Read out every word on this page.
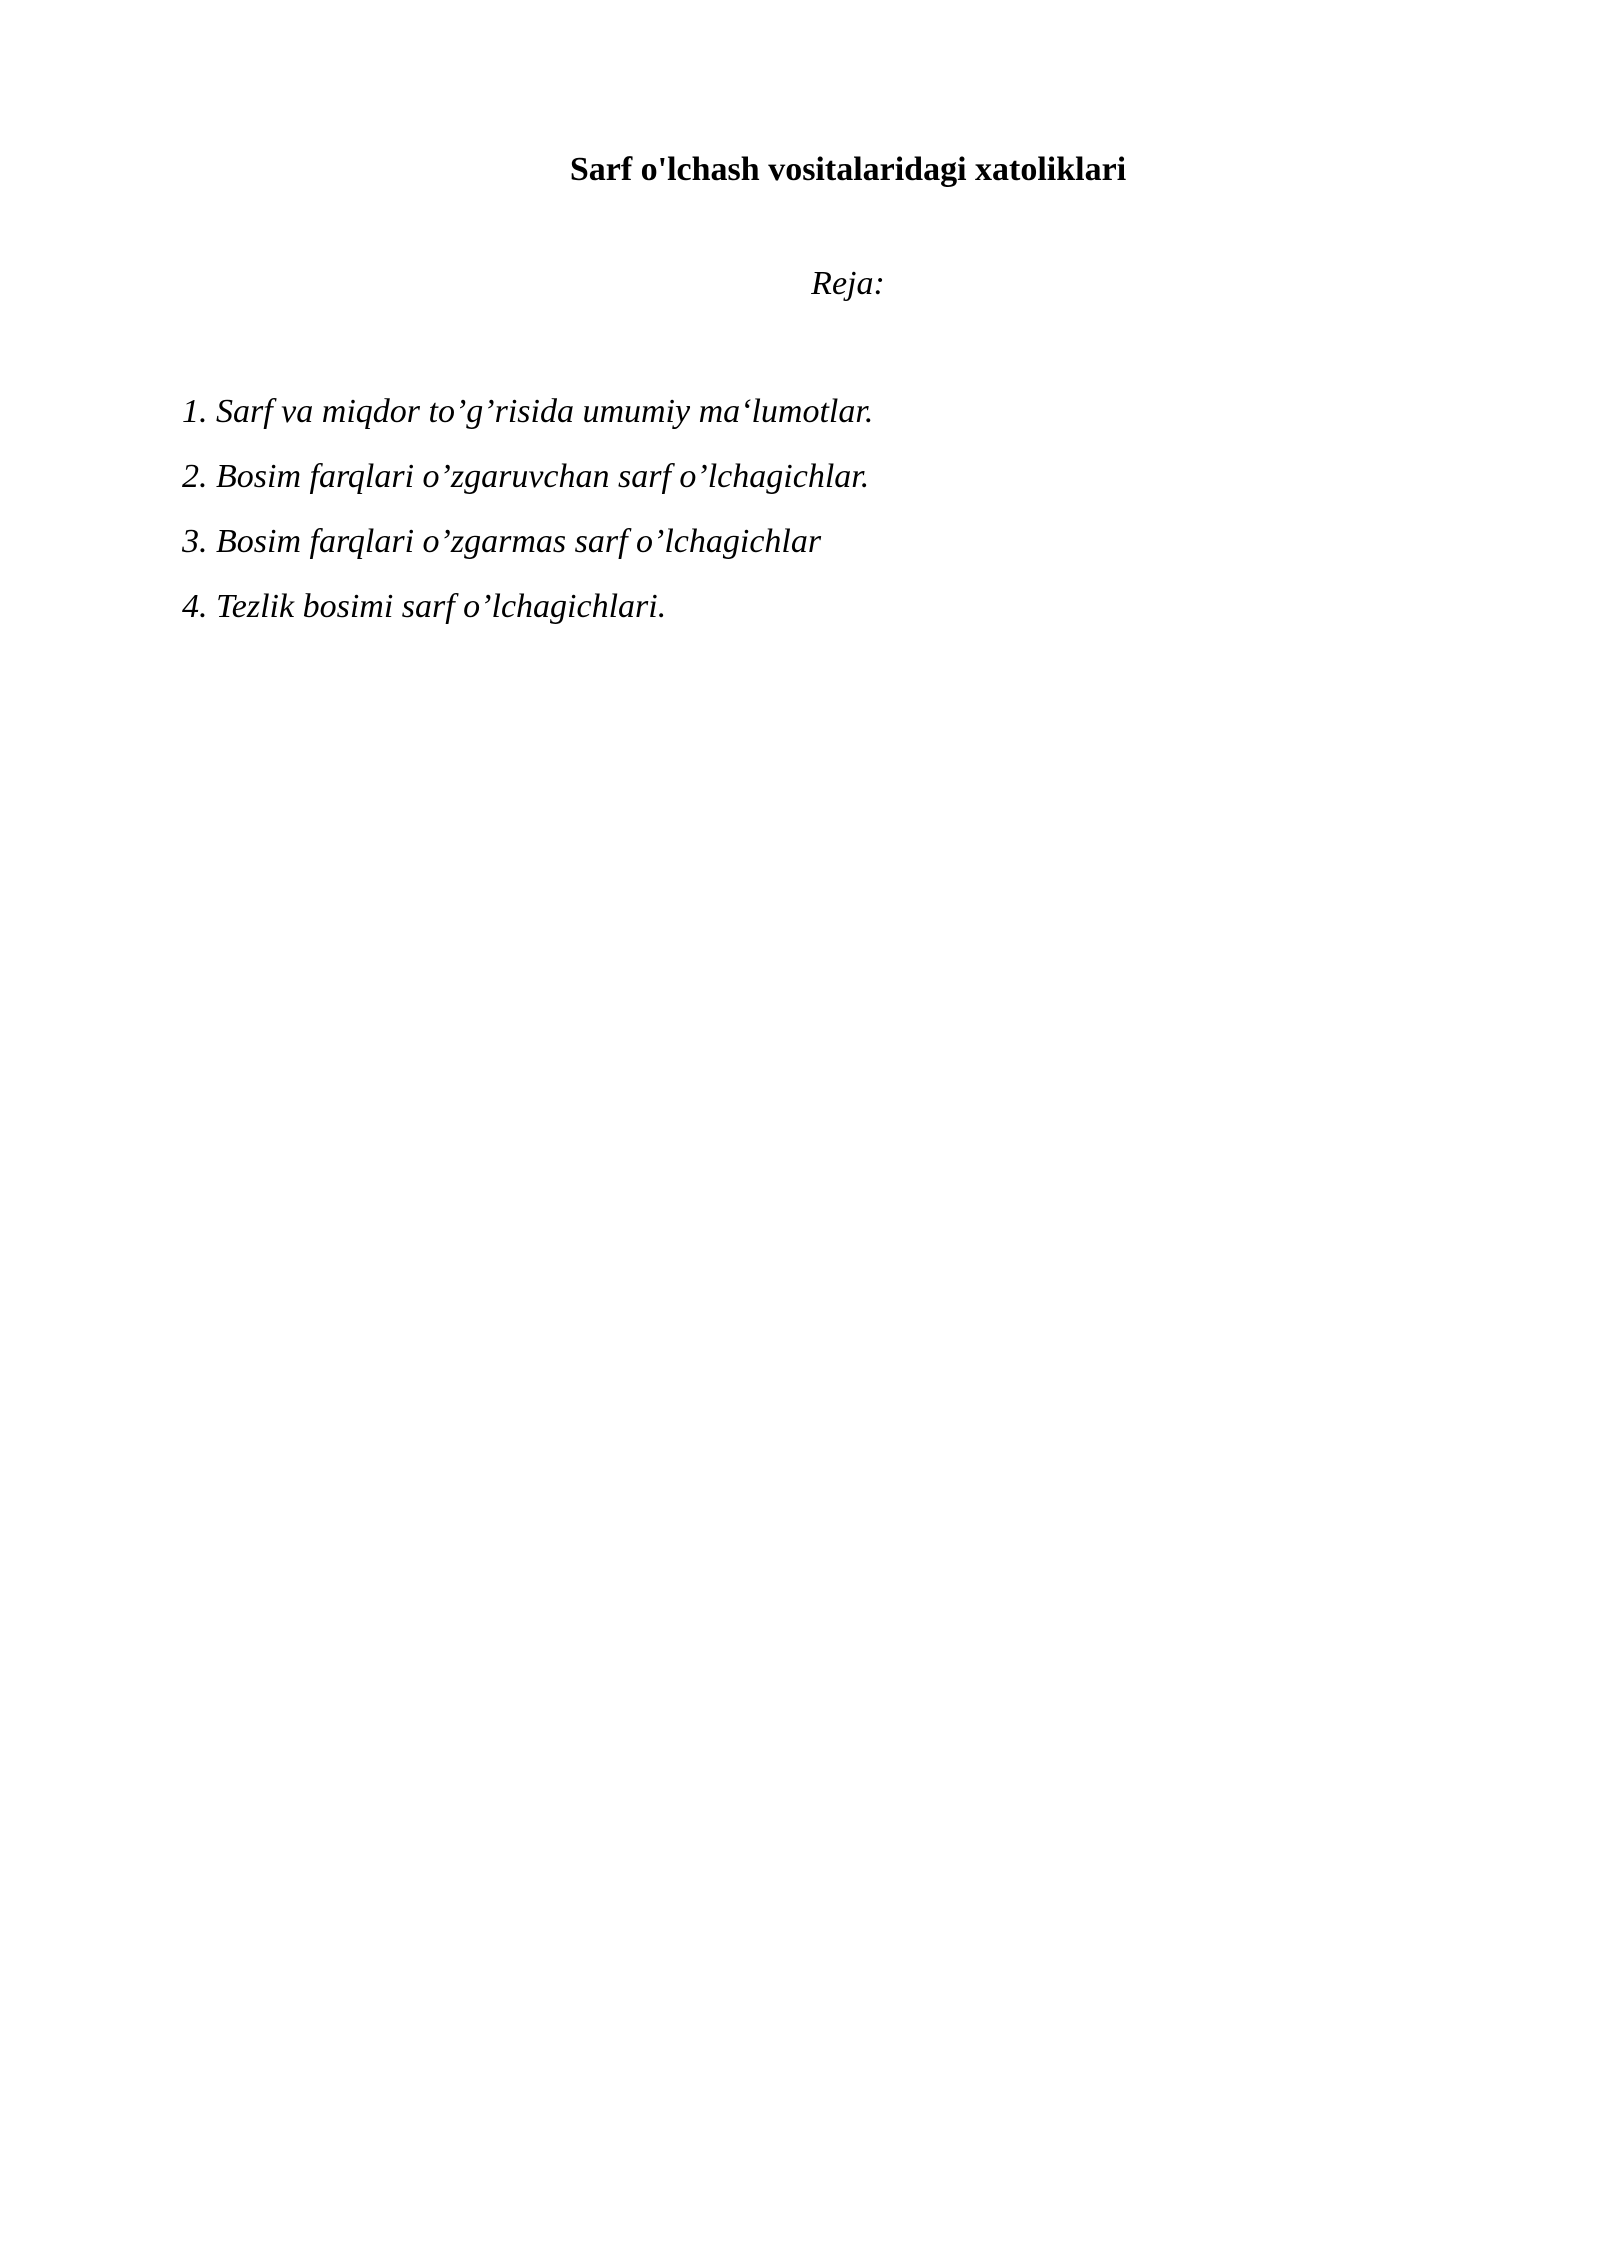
Sarf o'lchash vositalaridagi xatoliklari
Reja:
1. Sarf va miqdor to’g’risida umumiy ma‘lumotlar.
2. Bosim farqlari o’zgaruvchan sarf o’lchagichlar.
3. Bosim farqlari o’zgarmas sarf o’lchagichlar
4. Tezlik bosimi sarf o’lchagichlari.
